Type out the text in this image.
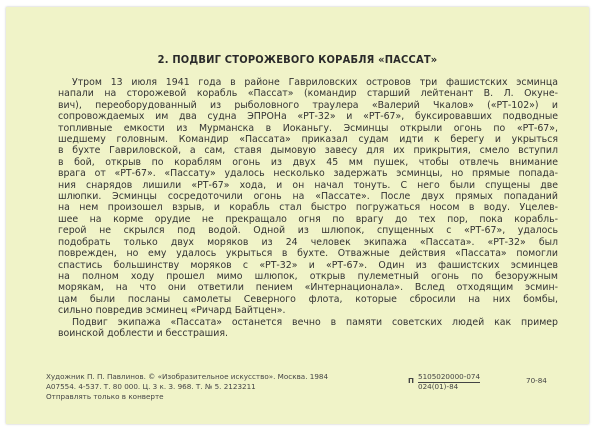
2. ПОДВИГ СТОРОЖЕВОГО КОРАБЛЯ «ПАССАТ»
Утром 13 июля 1941 года в районе Гавриловских островов три фашистских эсминца
напали на сторожевой корабль «Пассат» (командир старший лейтенант В. Л. Окуне-
вич), переоборудованный из рыболовного траулера «Валерий Чкалов» («РТ-102») и
сопровождаемых им два судна ЭПРОНа «РТ-32» и «РТ-67», буксировавших подводные
топливные емкости из Мурманска в Иоканьгу. Эсминцы открыли огонь по «РТ-67»,
шедшему головным. Командир «Пассата» приказал судам идти к берегу и укрыться
в бухте Гавриловской, а сам, ставя дымовую завесу для их прикрытия, смело вступил
в бой, открыв по кораблям огонь из двух 45 мм пушек, чтобы отвлечь внимание
врага от «РТ-67». «Пассату» удалось несколько задержать эсминцы, но прямые попада-
ния снарядов лишили «РТ-67» хода, и он начал тонуть. С него были спущены две
шлюпки. Эсминцы сосредоточили огонь на «Пассате». После двух прямых попаданий
на нем произошел взрыв, и корабль стал быстро погружаться носом в воду. Уцелев-
шее на корме орудие не прекращало огня по врагу до тех пор, пока корабль-
герой не скрылся под водой. Одной из шлюпок, спущенных с «РТ-67», удалось
подобрать только двух моряков из 24 человек экипажа «Пассата». «РТ-32» был
поврежден, но ему удалось укрыться в бухте. Отважные действия «Пассата» помогли
спастись большинству моряков с «РТ-32» и «РТ-67». Один из фашистских эсминцев
на полном ходу прошел мимо шлюпок, открыв пулеметный огонь по безоружным
морякам, на что они ответили пением «Интернационала». Вслед отходящим эсмин-
цам были посланы самолеты Северного флота, которые сбросили на них бомбы,
сильно повредив эсминец «Ричард Байтцен».
Подвиг экипажа «Пассата» останется вечно в памяти советских людей как пример
воинской доблести и бесстрашия.
Художник П. П. Павлинов. © «Изобразительное искусство». Москва. 1984
А07554. 4-537. Т. 80 000. Ц. 3 к. З. 968. Т. № 5. 2123211
Отправлять только в конверте
П 5105020000-074
024(01)-84
70-84
